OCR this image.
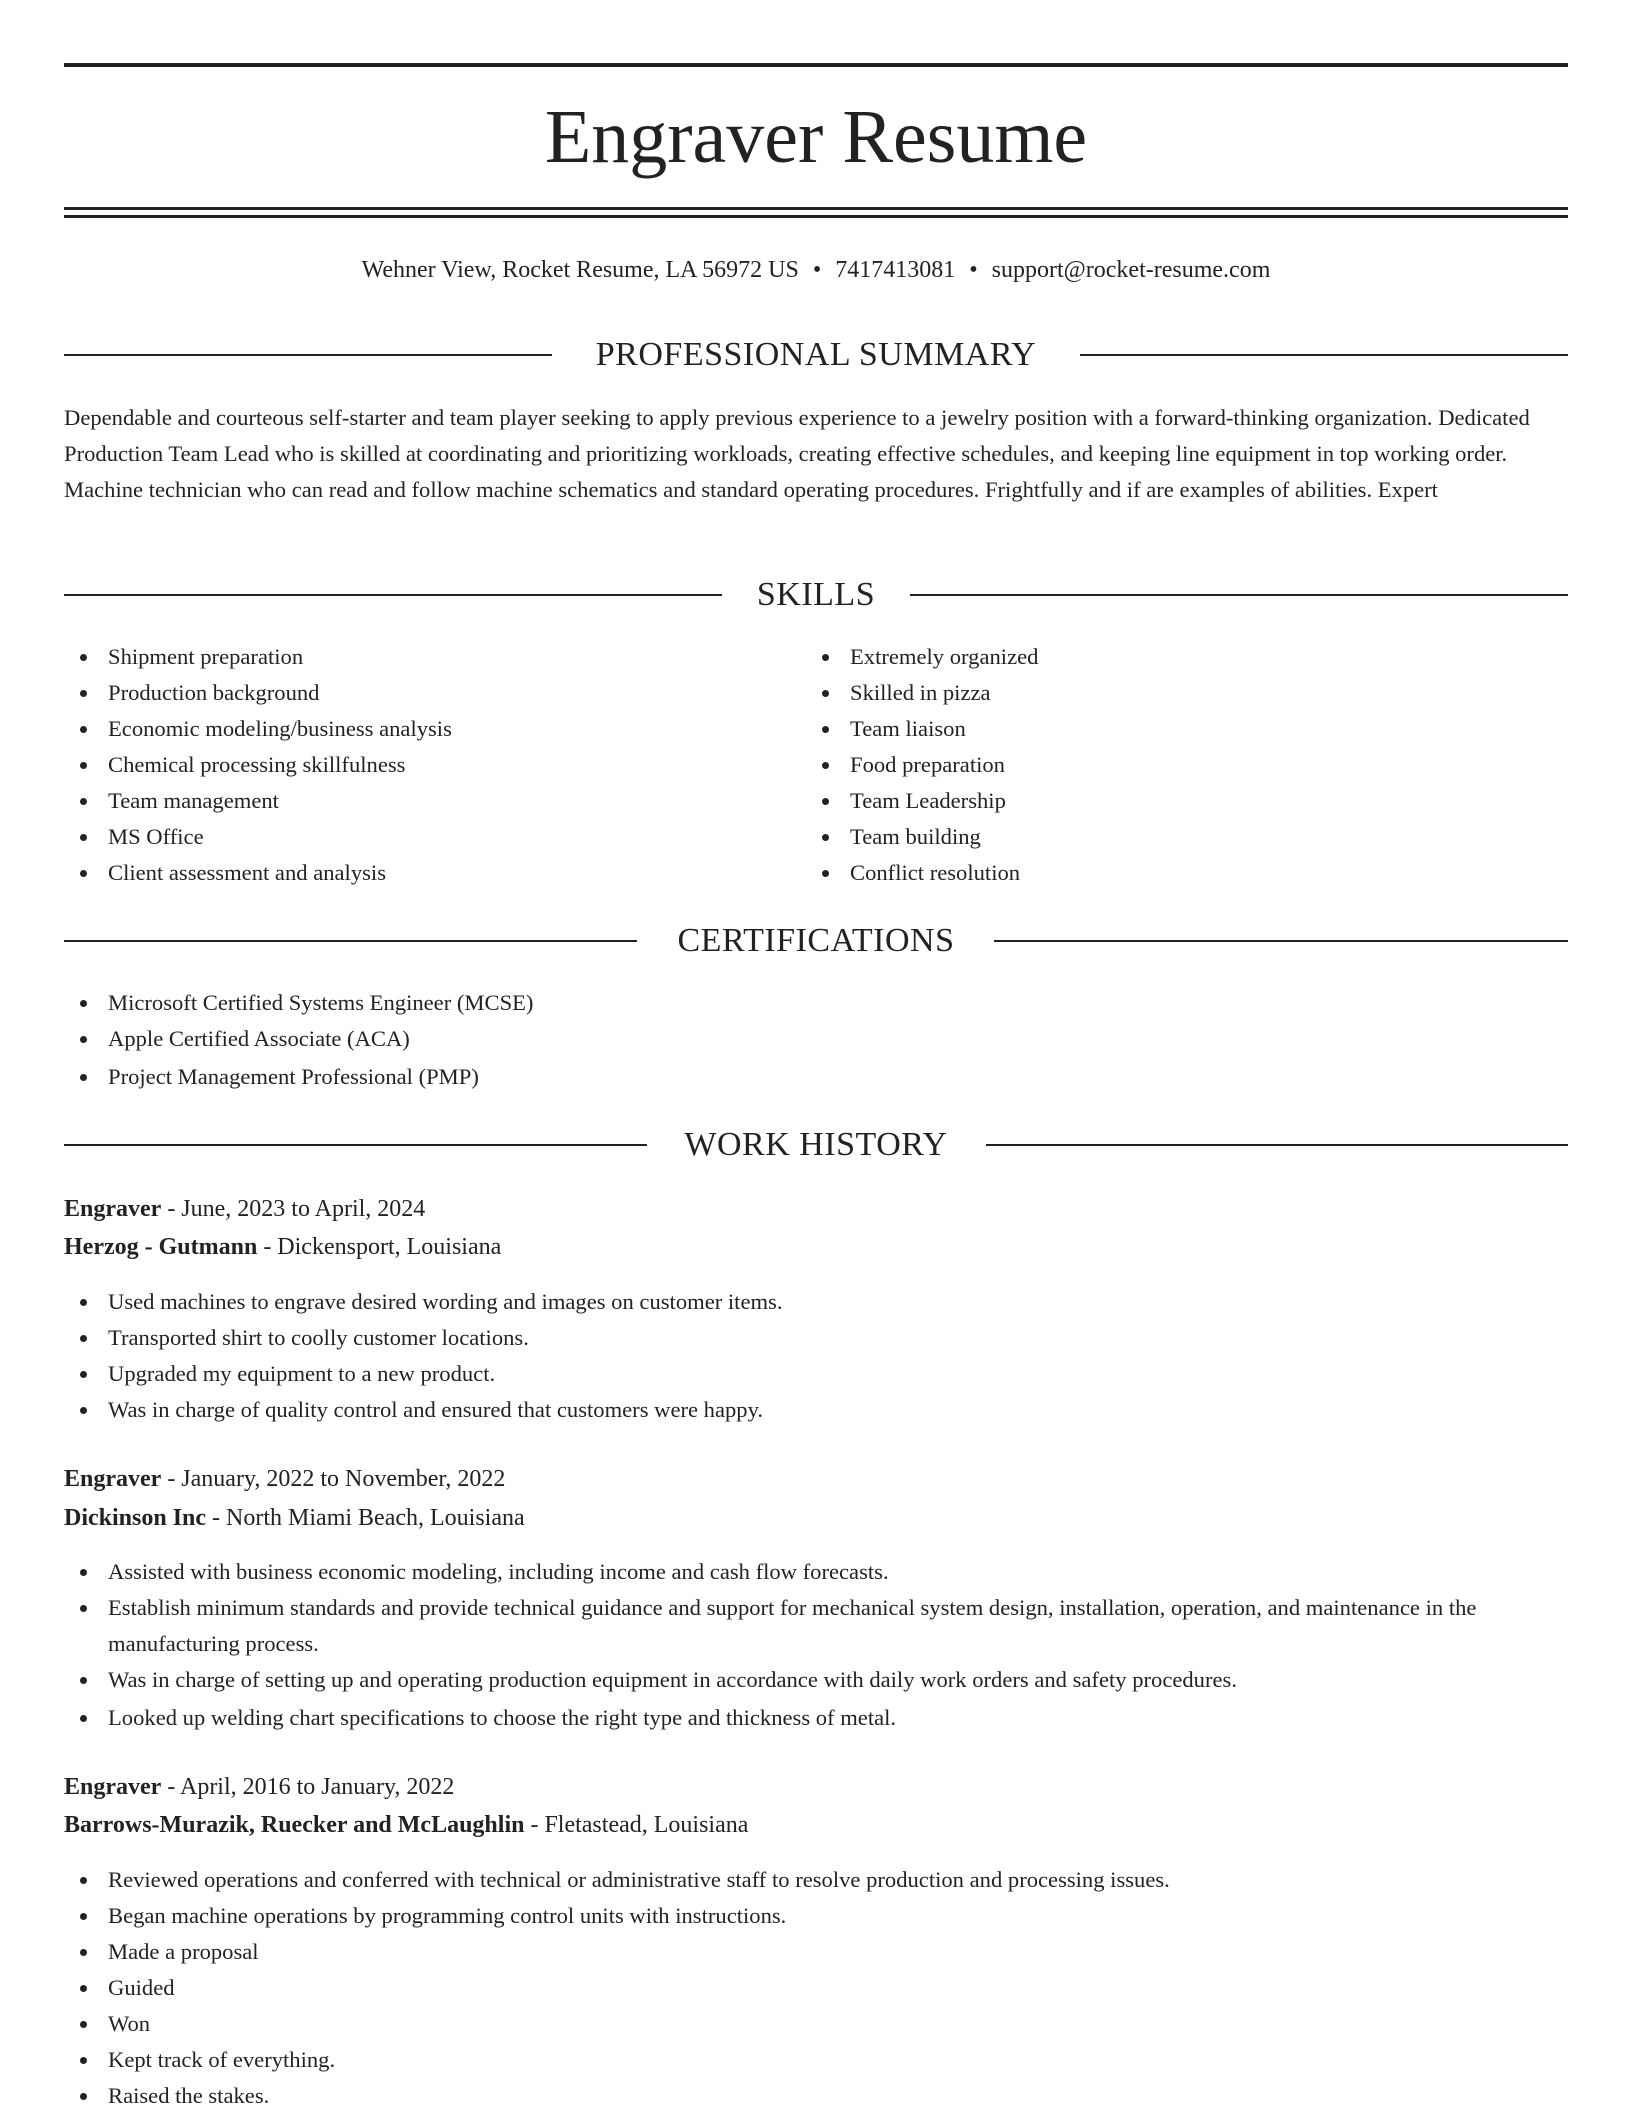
Engraver Resume
Wehner View, Rocket Resume, LA 56972 US • 7417413081 • support@rocket-resume.com
PROFESSIONAL SUMMARY

Dependable and courteous self-starter and team player seeking to apply previous experience to a jewelry position with a forward-thinking organization. Dedicated Production Team Lead who is skilled at coordinating and prioritizing workloads, creating effective schedules, and keeping line equipment in top working order. Machine technician who can read and follow machine schematics and standard operating procedures. Frightfully and if are examples of abilities. Expert

SKILLS
Shipment preparation
Production background
Economic modeling/business analysis
Chemical processing skillfulness
Team management
MS Office
Client assessment and analysis
Extremely organized
Skilled in pizza
Team liaison
Food preparation
Team Leadership
Team building
Conflict resolution
CERTIFICATIONS
Microsoft Certified Systems Engineer (MCSE)
Apple Certified Associate (ACA)
Project Management Professional (PMP)
WORK HISTORY
Engraver - June, 2023 to April, 2024
Herzog - Gutmann - Dickensport, Louisiana
Used machines to engrave desired wording and images on customer items.
Transported shirt to coolly customer locations.
Upgraded my equipment to a new product.
Was in charge of quality control and ensured that customers were happy.
Engraver - January, 2022 to November, 2022
Dickinson Inc - North Miami Beach, Louisiana
Assisted with business economic modeling, including income and cash flow forecasts.
Establish minimum standards and provide technical guidance and support for mechanical system design, installation, operation, and maintenance in the manufacturing process.
Was in charge of setting up and operating production equipment in accordance with daily work orders and safety procedures.
Looked up welding chart specifications to choose the right type and thickness of metal.
Engraver - April, 2016 to January, 2022
Barrows-Murazik, Ruecker and McLaughlin - Fletastead, Louisiana
Reviewed operations and conferred with technical or administrative staff to resolve production and processing issues.
Began machine operations by programming control units with instructions.
Made a proposal
Guided
Won
Kept track of everything.
Raised the stakes.
